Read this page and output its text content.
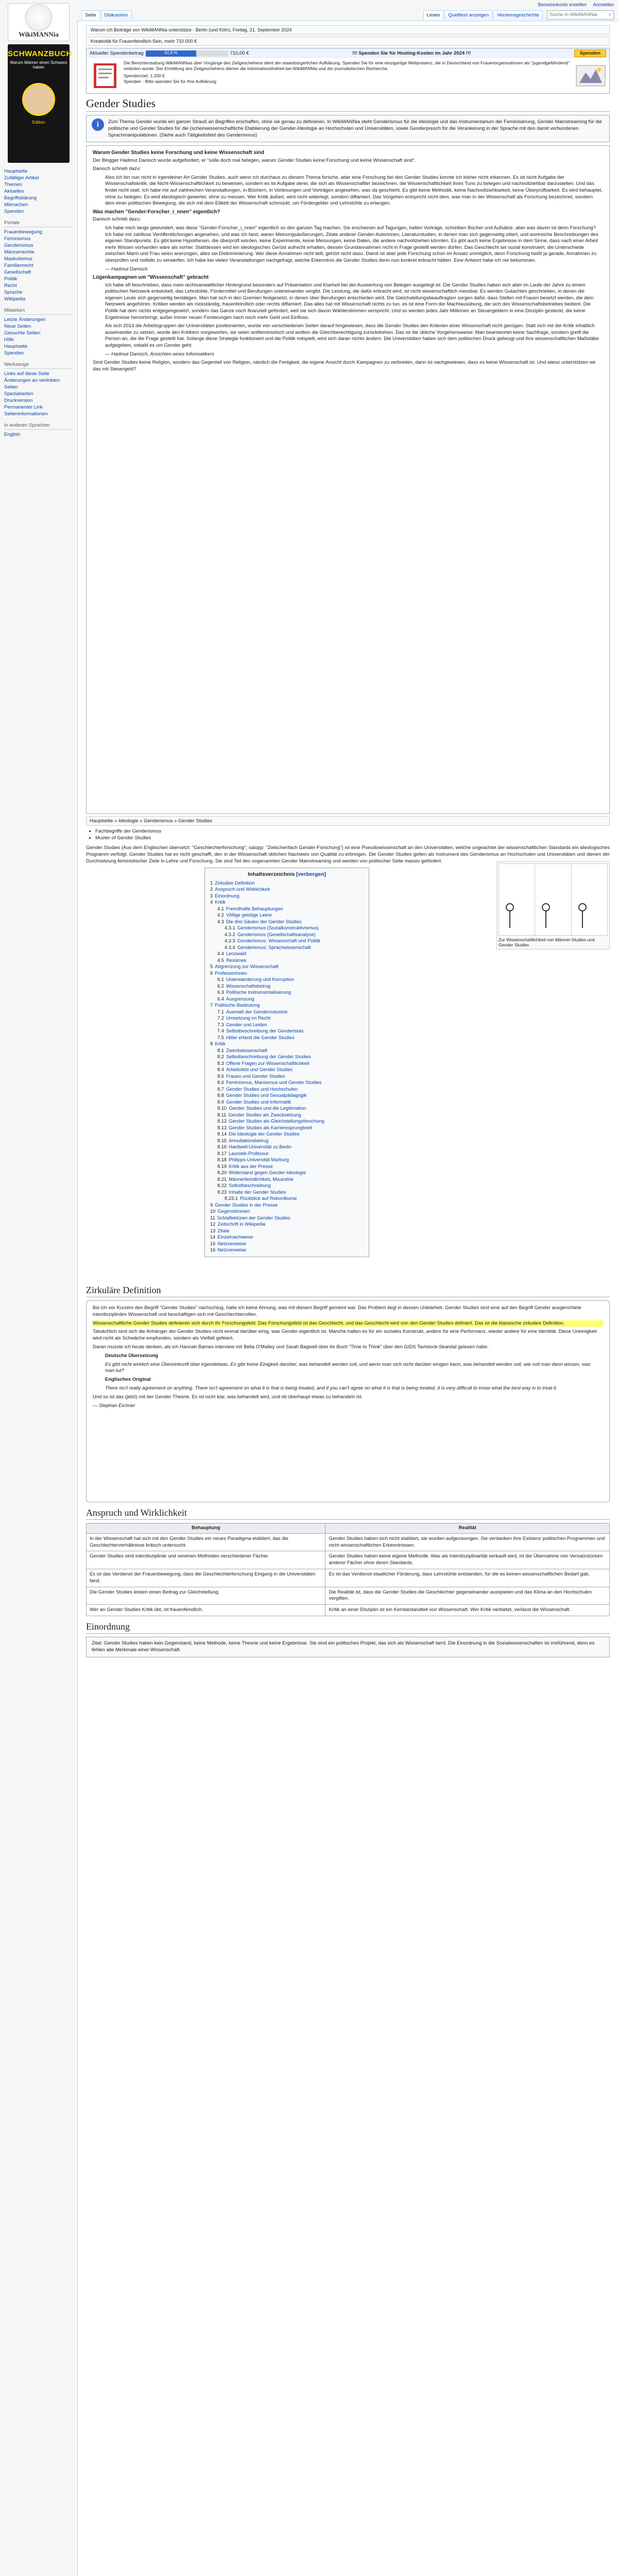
WikiMANNia
SCHWANZBUCH
Warum Männer einen Schwanz haben
Edition
Hauptseite
Zufälliger Artikel
Themen
Aktuelles
Begriffsklärung
Mitmachen
Spenden
Portale
Frauenbewegung
Feminismus
Genderismus
Männerrechte
Maskulismus
Familienrecht
Gesellschaft
Politik
Recht
Sprache
Wikipedia
Mitwirken
Letzte Änderungen
Neue Seiten
Gesuchte Seiten
Hilfe
Hauptseite
Spenden
Werkzeuge
Links auf diese Seite
Änderungen an verlinkten Seiten
Spezialseiten
Druckversion
Permanenter Link
Seiteninformationen
In anderen Sprachen
English
Benutzerkonto erstellen Anmelden
Seite	Diskussion	Lesen	Quelltext anzeigen	Versionsgeschichte	Suche in WikiMANNia ⌕
Warum ich Beiträge von WikiMANNia unterstütze · Berlin (und Köln), Freitag, 21. September 2024
Kreativität für Frauenfeindlich-Sein, mehr 710.000 €
Aktueller Spendenbetrag	61,8 %	710,00 €	!!! Spenden Sie für Hosting-Kosten im Jahr 2024 !!!	Spenden
Die Berichterstattung WikiMANNias über Vorgänge des Zeitgeschehens dient der staatsbürgerlichen Aufklärung. Spenden Sie für eine einzigartige Webpräsenz, die in Deutschland von Frauenorganisationen als "jugendgefährdend" verboten wurde. Der Ermittlung des Zeitgeschehens dienen die Informationsfreiheit bei WikiMANNia und der journalistischen Recherche.
Spendenziel: 1.200 €
Spenden · Bitte spenden Sie für Ihre Aufklärung
Gender Studies
i	Zum Thema Gender wurde ein ganzer Strauß an Begriffen erschaffen, ohne sie genau zu definieren. In WikiMANNia steht Genderismus für die Ideologie und das Instrumentarium der Feminisierung, Gender Mainstreaming für die politische und Gender Studies für die (scheinwissenschaftliche Etablierung der Gender-Ideologie an Hochschulen und Universitäten, sowie Genderpresch für die Verankerung in der Sprache mit den damit verbundenen Sprachmanipulationen. (Siehe auch Tätigkeitsfeld des Genderismus)
Warum Gender Studies keine Forschung und keine Wissenschaft sind

Der Blogger Hadmut Danisch wurde aufgefordert, er "solle doch mal belegen, warum Gender Studies keine Forschung und keine Wissenschaft sind".

Danisch schrieb dazu:

Also ich bin nun nicht in irgendeiner Art Gender Studies, auch wenn ich durchaus zu diesem Thema forsche, aber eine Forschung bei den Gender Studies konnte ich bisher nicht erkennen. Es ist nicht Aufgabe der Wissenschaftskritik, die Nicht-Wissenschaftlichkeit zu beweisen, sondern es ist Aufgabe derer, die sich als Wissenschaftler bezeichnen, die Wissenschaftlichkeit ihres Tuns zu belegen und nachvollziehbar darzustellen. Und das findet nicht statt. Ich habe mir auf zahlreichen Veranstaltungen, in Büchern, in Vorlesungen und Vorträgen angesehen, was da geschieht. Es gibt keine Methodik, keine Nachvollziehbarkeit, keine Überprüfbarkeit. Es wird behauptet, ohne zu belegen. Es wird ideologisch gewertet, ohne zu messen. Wer Kritik äußert, wird nicht widerlegt, sondern diffamiert. Das Vorgehen entspricht nicht dem, was man in der Wissenschaft als Forschung bezeichnet, sondern dem einer politischen Bewegung, die sich mit dem Etikett der Wissenschaft schmückt, um Fördergelder und Lehrstühle zu erlangen.

Was machen "Gender-Forscher_i_nnen" eigentlich?

Danisch schrieb dazu:

Ich habe mich lange gewundert, was diese "Gender-Forscher_i_nnen" eigentlich so den ganzen Tag machen. Sie erscheinen auf Tagungen, halten Vorträge, schreiben Bücher und Aufsätze, aber was davon ist denn Forschung? Ich habe mir zahllose Veröffentlichungen angesehen, und was ich fand, waren Meinungsäußerungen, Zitate anderer Gender-Autorinnen, Literaturstudien, in denen man sich gegenseitig zitiert, und wortreiche Beschreibungen des eigenen Standpunkts. Es gibt keine Hypothesen, die überprüft würden, keine Experimente, keine Messungen, keine Daten, die andere nachvollziehen könnten. Es gibt auch keine Ergebnisse in dem Sinne, dass nach einer Arbeit mehr Wissen vorhanden wäre als vorher. Stattdessen wird ein ideologisches Gerüst aufrecht erhalten, dessen Grundannahmen nicht in Frage gestellt werden dürfen. Das Geschlecht sei sozial konstruiert, die Unterschiede zwischen Mann und Frau seien anerzogen, alles sei Diskriminierung. Wer diese Annahmen nicht teilt, gehört nicht dazu. Damit ist aber jede Forschung schon im Ansatz unmöglich, denn Forschung heißt ja gerade, Annahmen zu überprüfen und notfalls zu verwerfen. Ich habe bei vielen Veranstaltungen nachgefragt, welche Erkenntnis die Gender Studies denn nun konkret erbracht hätten. Eine Antwort habe ich nie bekommen.

— Hadmut Danisch

Lügenkampagnen um "Wissenschaft" gebracht

Ich habe oft beschrieben, dass mein rechtsanwaltlicher Hintergrund besonders auf Präsentation und Klarheit bei der Auswertung von Belegen ausgelegt ist. Die Gender Studies haben sich aber im Laufe der Jahre zu einem politischen Netzwerk entwickelt, das Lehrstühle, Fördermittel und Berufungen untereinander vergibt. Die Leistung, die dafür erbracht wird, ist nicht wissenschaftlich messbar. Es werden Gutachten geschrieben, in denen die eigenen Leute sich gegenseitig bestätigen. Man hat sich in den Gremien festgesetzt, in denen über Berufungen entschieden wird. Die Gleichstellungsbeauftragten sorgen dafür, dass Stellen mit Frauen besetzt werden, die dem Netzwerk angehören. Kritiker werden als rückständig, frauenfeindlich oder rechts diffamiert. Das alles hat mit Wissenschaft nichts zu tun, es ist eine Form der Machtausübung, die sich des Wissenschaftsbetriebes bedient. Die Politik hat dem nichts entgegengesetzt, sondern das Ganze noch finanziell gefördert, weil sie sich davon Wählerstimmen verspricht. Und so werden jedes Jahr Millionen an Steuergeldern in eine Disziplin gesteckt, die keine Ergebnisse hervorbringt, außer immer neuen Forderungen nach noch mehr Geld und Einfluss.

Als sich 2014 die Arbeitsgruppen der Universitäten positionierten, wurde von verschiedenen Seiten darauf hingewiesen, dass die Gender Studies den Kriterien einer Wissenschaft nicht genügen. Statt sich mit der Kritik inhaltlich auseinander zu setzen, wurde den Kritikern vorgeworfen, sie seien antifeministisch und wollten die Gleichberechtigung zurückdrehen. Das ist die übliche Vorgehensweise: Man beantwortet keine Sachfrage, sondern greift die Person an, die die Frage gestellt hat. Solange diese Strategie funktioniert und die Politik mitspielt, wird sich daran nichts ändern. Die Universitäten haben sich dem politischen Druck gebeugt und ihre wissenschaftlichen Maßstäbe aufgegeben, sobald es um Gender geht.

— Hadmut Danisch, Ansichten eines Informatikers

Sind Gender Studies keine Religion, sondern das Gegenteil von Religion, nämlich die Fertigkeit, die eigene Ansicht durch Kampagnen zu verbreiten, dann ist nachgewiesen, dass es keine Wissenschaft ist. Und wieso unterstützen wir das mit Steuergeld?

Hauptseite » Ideologie » Genderismus » Gender Studies
• Fachbegriffe der Genderismus
• Muster of Gender Studies

Gender Studies (Aus dem Englischen übersetzt: "Geschlechterforschung"; salopp: "Zwischenfach Gender-Forschung") ist eine Pseudowissenschaft an den Universitäten, welche ungeachtet der wissenschaftlichen Standards ein ideologisches Programm verfolgt. Gender Studies hat es nicht geschafft, den in der Wissenschaft üblichen Nachweis von Qualität zu erbringen. Die Gender Studies gelten als Instrument des Genderismus an Hochschulen und Universitäten und dienen der Durchsetzung feministischer Ziele in Lehre und Forschung. Sie sind Teil des sogenannten Gender Mainstreaming und werden von politischer Seite massiv gefördert.

Inhaltsverzeichnis [verbergen]
1 Zirkuläre Definition
2 Anspruch und Wirklichkeit
3 Einordnung
4 Kritik
4.1 Fremdhafte Behauptungen
4.2 Völlige geistige Leere
4.3 Die drei Säulen der Gender Studies
4.3.1 Genderismus (Sozialkonstruktivismus)
4.3.2 Genderismus (Gesellschaftsanalyse)
4.3.3 Genderismus: Wissenschaft und Politik
4.3.4 Genderismus: Sprachwissenschaft
4.4 Lenzwald
4.5 Resümee
5 Abgrenzung zur Wissenschaft
6 Professorinnen
6.1 Unterwanderung und Korruption
6.2 Wissenschaftsbetrug
6.3 Politische Instrumentalisierung
6.4 Ausgrenzung
7 Politische Bedeutung
7.1 Ausmaß der Genderindustrie
7.2 Umsetzung im Recht
7.3 Gender und Leiden
7.4 Selbstbeschreibung der Genderistas
7.5 Hitler erfand die Gender Studies
8 Kritik
8.1 Zweckwissenschaft
8.2 Selbstbeschreibung der Gender Studies
8.3 Offene Fragen zur Wissenschaftlichkeit
8.4 Arbeitsfeld und Gender Studies
8.5 Frauen und Gender Studies
8.6 Feminismus, Marxismus und Gender Studies
8.7 Gender Studies und Hochschulen
8.8 Gender Studies und Sexualpädagogik
8.9 Gender Studies und Informatik
8.10 Gender Studies und die Legitimation
8.11 Gender Studies als Zwecksetzung
8.12 Gender Studies als Gleichstellungsforschung
8.13 Gender Studies als Karrieresprungbrett
8.14 Die Ideologie der Gender Studies
8.15 Annullationsbetrug
8.16 Hardwell-Universität zu Berlin
8.17 Lauristik-Professur
8.18 Philipps-Universität Marburg
8.19 Kritik aus der Presse
8.20 Widerstand gegen Gender-Ideologie
8.21 Männerfeindlichkeit, Misandrie
8.22 Selbstbeschreibung
8.23 Inhalte der Gender Studies
8.23.1 Rückblick auf Rekordkurse
9 Gender Studies in der Presse
10 Gegenstimmen
11 Schlaflektüren der Gender Studies
12 Zeitschrift in Wikipedia
13 Zitate
14 Einzelnachweise
15 Netzverweise
16 Netzverweise
Zur Wissenschaftlichkeit von Männer-Studies und Gender Studies
Zirkuläre Definition

Bis ich vor Kurzem den Begriff "Gender Studies" nachschlug, hatte ich keine Ahnung, was mit diesem Begriff gemeint war. Das Problem liegt in dessen Unklarheit. Gender Studies sind eine auf den Begriff Gender ausgerichtete interdisziplinäre Wissenschaft und beschäftigen sich mit Geschlechterrollen.

Wissenschaftliche Gender Studies definieren sich durch ihr Forschungsfeld. Das Forschungsfeld ist das Geschlecht, und das Geschlecht wird von den Gender Studies definiert. Das ist die klassische zirkuläre Definition.

Tatsächlich sind sich die Anhänger der Gender Studies nicht einmal darüber einig, was Gender eigentlich ist. Manche halten es für ein soziales Konstrukt, andere für eine Performanz, wieder andere für eine Identität. Diese Uneinigkeit wird nicht als Schwäche empfunden, sondern als Vielfalt gefeiert.

Daran musste ich heute denken, als ich Hannah Barnes interview mit Bella O'Malley und Sarah Bagwell über ihr Buch "Time to Think" über den GIDS Tavistock-Skandal gelesen habe.

Deutsche Übersetzung

Es gibt nicht wirklich eine Übereinkunft über irgendetwas. Es gibt keine Einigkeit darüber, was behandelt werden soll, und wenn man sich nicht darüber einigen kann, was behandelt werden soll, wie soll man dann wissen, was man tut?

Englisches Original

There isn't really agreement on anything. There isn't agreement on what it is that is being treated, and if you can't agree on what it is that is being treated, it is very difficult to know what the best way is to treat it.

Und so ist das (jetzt) mit der Gender Theorie. Es ist nicht klar, was behandelt wird, und ob überhaupt etwas zu behandeln ist.

— Stephan Eichner

Anspruch und Wirklichkeit
Behauptung	Realität
In der Wissenschaft hat sich mit den Gender Studies ein neues Paradigma etabliert, das die Geschlechterverhältnisse kritisch untersucht.	Gender Studies haben sich nicht etabliert, sie wurden aufgezwungen. Sie verdanken ihre Existenz politischen Programmen und nicht wissenschaftlichen Erkenntnissen.
Gender Studies sind interdisziplinär und vereinen Methoden verschiedener Fächer.	Gender Studies haben keine eigene Methodik. Was als Interdisziplinarität verkauft wird, ist die Übernahme von Versatzstücken anderer Fächer ohne deren Standards.
Es ist das Verdienst der Frauenbewegung, dass die Geschlechterforschung Eingang in die Universitäten fand.	Es ist das Verdienst staatlicher Förderung, dass Lehrstühle entstanden, für die es keinen wissenschaftlichen Bedarf gab.
Die Gender Studies leisten einen Beitrag zur Gleichstellung.	Die Realität ist, dass die Gender Studies die Geschlechter gegeneinander ausspielen und das Klima an den Hochschulen vergiften.
Wer an Gender Studies Kritik übt, ist frauenfeindlich.	Kritik an einer Disziplin ist ein Kernbestandteil von Wissenschaft. Wer Kritik verbietet, verlässt die Wissenschaft.
Einordnung
Zitat: Gender Studies haben kein Gegenstand, keine Methode, keine Theorie und keine Ergebnisse. Sie sind ein politisches Projekt, das sich als Wissenschaft tarnt. Die Einordnung in die Sozialwissenschaften ist irreführend, denn es fehlen alle Merkmale einer Wissenschaft.
